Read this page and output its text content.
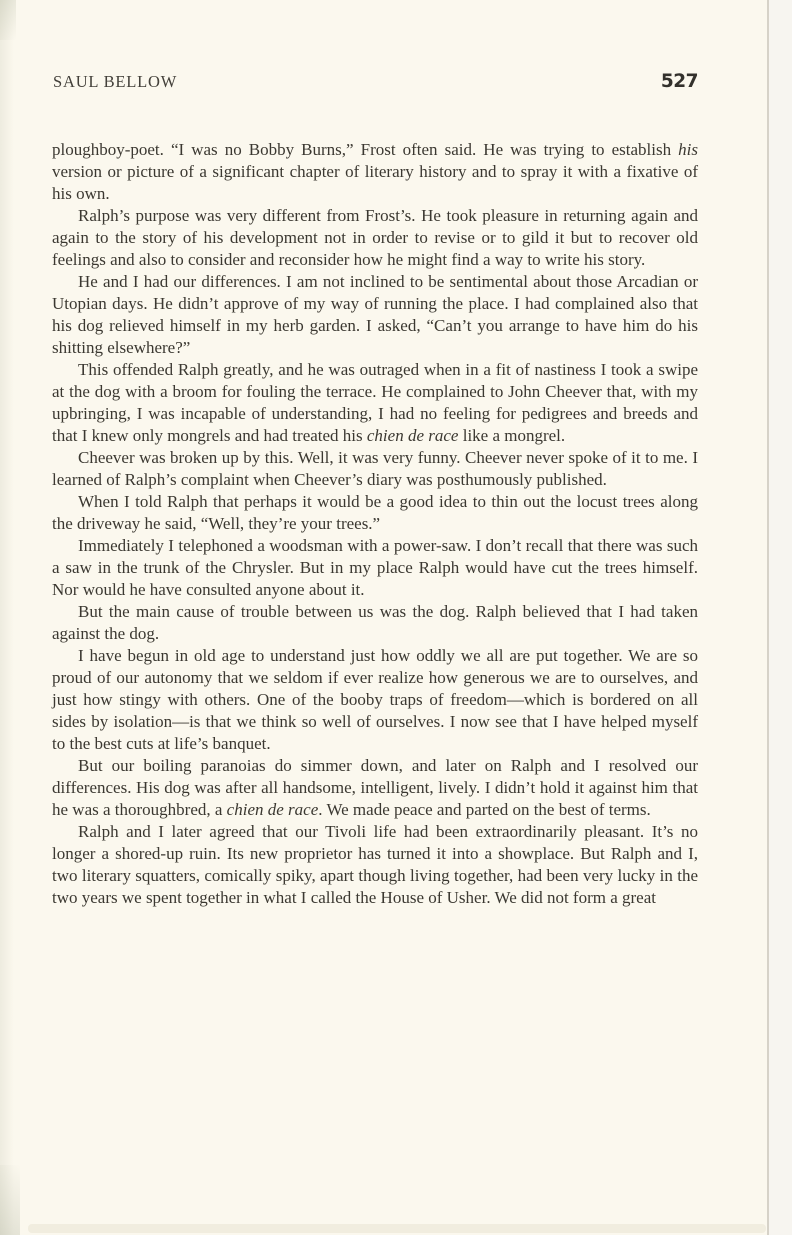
SAUL BELLOW	527

ploughboy-poet. “I was no Bobby Burns,” Frost often said. He was trying to establish his version or picture of a significant chapter of literary history and to spray it with a fixative of his own.

Ralph’s purpose was very different from Frost’s. He took pleasure in returning again and again to the story of his development not in order to revise or to gild it but to recover old feelings and also to consider and reconsider how he might find a way to write his story.

He and I had our differences. I am not inclined to be sentimental about those Arcadian or Utopian days. He didn’t approve of my way of running the place. I had complained also that his dog relieved himself in my herb garden. I asked, “Can’t you arrange to have him do his shitting elsewhere?”

This offended Ralph greatly, and he was outraged when in a fit of nastiness I took a swipe at the dog with a broom for fouling the terrace. He complained to John Cheever that, with my upbringing, I was incapable of understanding, I had no feeling for pedigrees and breeds and that I knew only mongrels and had treated his chien de race like a mongrel.

Cheever was broken up by this. Well, it was very funny. Cheever never spoke of it to me. I learned of Ralph’s complaint when Cheever’s diary was posthumously published.

When I told Ralph that perhaps it would be a good idea to thin out the locust trees along the driveway he said, “Well, they’re your trees.”

Immediately I telephoned a woodsman with a power-saw. I don’t recall that there was such a saw in the trunk of the Chrysler. But in my place Ralph would have cut the trees himself. Nor would he have consulted anyone about it.

But the main cause of trouble between us was the dog. Ralph believed that I had taken against the dog.

I have begun in old age to understand just how oddly we all are put together. We are so proud of our autonomy that we seldom if ever realize how generous we are to ourselves, and just how stingy with others. One of the booby traps of freedom—which is bordered on all sides by isolation—is that we think so well of ourselves. I now see that I have helped myself to the best cuts at life’s banquet.

But our boiling paranoias do simmer down, and later on Ralph and I resolved our differences. His dog was after all handsome, intelligent, lively. I didn’t hold it against him that he was a thoroughbred, a chien de race. We made peace and parted on the best of terms.

Ralph and I later agreed that our Tivoli life had been extraordinarily pleasant. It’s no longer a shored-up ruin. Its new proprietor has turned it into a showplace. But Ralph and I, two literary squatters, comically spiky, apart though living together, had been very lucky in the two years we spent together in what I called the House of Usher. We did not form a great
